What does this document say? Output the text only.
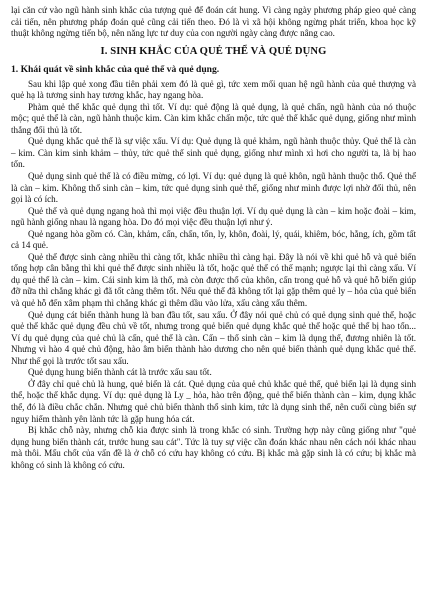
lại căn cứ vào ngũ hành sinh khắc của tượng quẻ để đoán cát hung. Vì càng ngày phương pháp gieo quẻ càng cải tiến, nên phương pháp đoán quẻ cũng cải tiến theo. Đó là vì xã hội không ngừng phát triển, khoa học kỹ thuật không ngừng tiến bộ, nên năng lực tư duy của con người ngày càng được nâng cao.

I. SINH KHẮC CỦA QUẺ THỂ VÀ QUẺ DỤNG
1. Khái quát về sinh khắc của quẻ thể và quẻ dụng.

Sau khi lập quẻ xong đầu tiên phải xem đó là quẻ gì, tức xem mối quan hệ ngũ hành của quẻ thượng và quẻ hạ là tương sinh hay tương khắc, hay ngang hòa.

Phàm quẻ thể khắc quẻ dụng thì tốt. Ví dụ: quẻ động là quẻ dụng, là quẻ chấn, ngũ hành của nó thuộc mộc; quẻ thể là càn, ngũ hành thuộc kim. Càn kim khắc chấn mộc, tức quẻ thể khắc quẻ dụng, giống như mình thắng đối thủ là tốt.

Quẻ dụng khắc quẻ thể là sự việc xấu. Ví dụ: Quẻ dụng là quẻ khảm, ngũ hành thuộc thủy. Quẻ thể là càn – kim. Càn kim sinh khảm – thủy, tức quẻ thể sinh quẻ dụng, giống như mình xì hơi cho người ta, là bị hao tổn.

Quẻ dụng sinh quẻ thể là có điều mừng, có lợi. Ví dụ: quẻ dụng là quẻ khôn, ngũ hành thuộc thổ. Quẻ thể là càn – kim. Không thổ sinh càn – kim, tức quẻ dụng sinh quẻ thể, giống như mình được lợi nhờ đối thủ, nên gọi là có ích.

Quẻ thể và quẻ dụng ngang hoà thì mọi việc đều thuận lợi. Ví dụ quẻ dụng là càn – kim hoặc đoài – kim, ngũ hành giống nhau là ngang hòa. Do đó mọi việc đều thuận lợi như ý.

Quẻ ngang hòa gồm có. Càn, khảm, cấn, chấn, tốn, ly, khôn, đoài, lý, quái, khiêm, bóc, hằng, ích, gồm tất cả 14 quẻ.

Quẻ thể được sinh càng nhiều thì càng tốt, khắc nhiều thì càng hại. Đây là nói về khi quẻ hỗ và quẻ biến tổng hợp cân bằng thì khi quẻ thể được sinh nhiều là tốt, hoặc quẻ thể có thế mạnh; ngược lại thì càng xấu. Ví dụ quẻ thể là càn – kim. Cái sinh kim là thổ, mà còn được thổ của khôn, cấn trong quẻ hỗ và quẻ hỗ biến giúp đỡ nữa thì chẳng khác gì đã tốt càng thêm tốt. Nếu quẻ thể đã không tốt lại gặp thêm quẻ ly – hỏa của quẻ biến và quẻ hỗ đến xâm phạm thì chẳng khác gì thêm dầu vào lửa, xấu càng xấu thêm.

Quẻ dụng cát biến thành hung là ban đầu tốt, sau xấu. Ở đây nói quẻ chủ có quẻ dụng sinh quẻ thể, hoặc quẻ thể khắc quẻ dụng đều chủ về tốt, nhưng trong quẻ biến quẻ dụng khắc quẻ thể hoặc quẻ thể bị hao tổn... Ví dụ quẻ dụng của quẻ chủ là cấn, quẻ thể là càn. Cấn – thổ sinh càn – kim là dụng thể, đương nhiên là tốt. Nhưng vì hào 4 quẻ chủ động, hào âm biến thành hào dương cho nên quẻ biến thành quẻ dụng khắc quẻ thể. Như thế gọi là trước tốt sau xấu.

Quẻ dụng hung biến thành cát là trước xấu sau tốt.

Ở đây chỉ quẻ chủ là hung, quẻ biến là cát. Quẻ dụng của quẻ chủ khắc quẻ thể, quẻ biến lại là dụng sinh thể, hoặc thể khắc dụng. Ví dụ: quẻ dụng là Ly _ hỏa, hào trên động, quẻ thể biến thành càn – kim, dụng khắc thể, đó là điều chắc chắn. Nhưng quẻ chủ biến thành thổ sinh kim, tức là dụng sinh thể, nên cuối cùng biến sự nguy hiểm thành yên lành tức là gặp hung hóa cát.

Bị khắc chỗ này, nhưng chỗ kia được sinh là trong khắc có sinh. Trường hợp này cũng giống như "quẻ dụng hung biến thành cát, trước hung sau cát". Tức là tuy sự việc cần đoán khác nhau nên cách nói khác nhau mà thôi. Mấu chốt của vấn đề là ở chỗ có cứu hay không có cứu. Bị khắc mà gặp sinh là có cứu; bị khắc mà không có sinh là không có cứu.
